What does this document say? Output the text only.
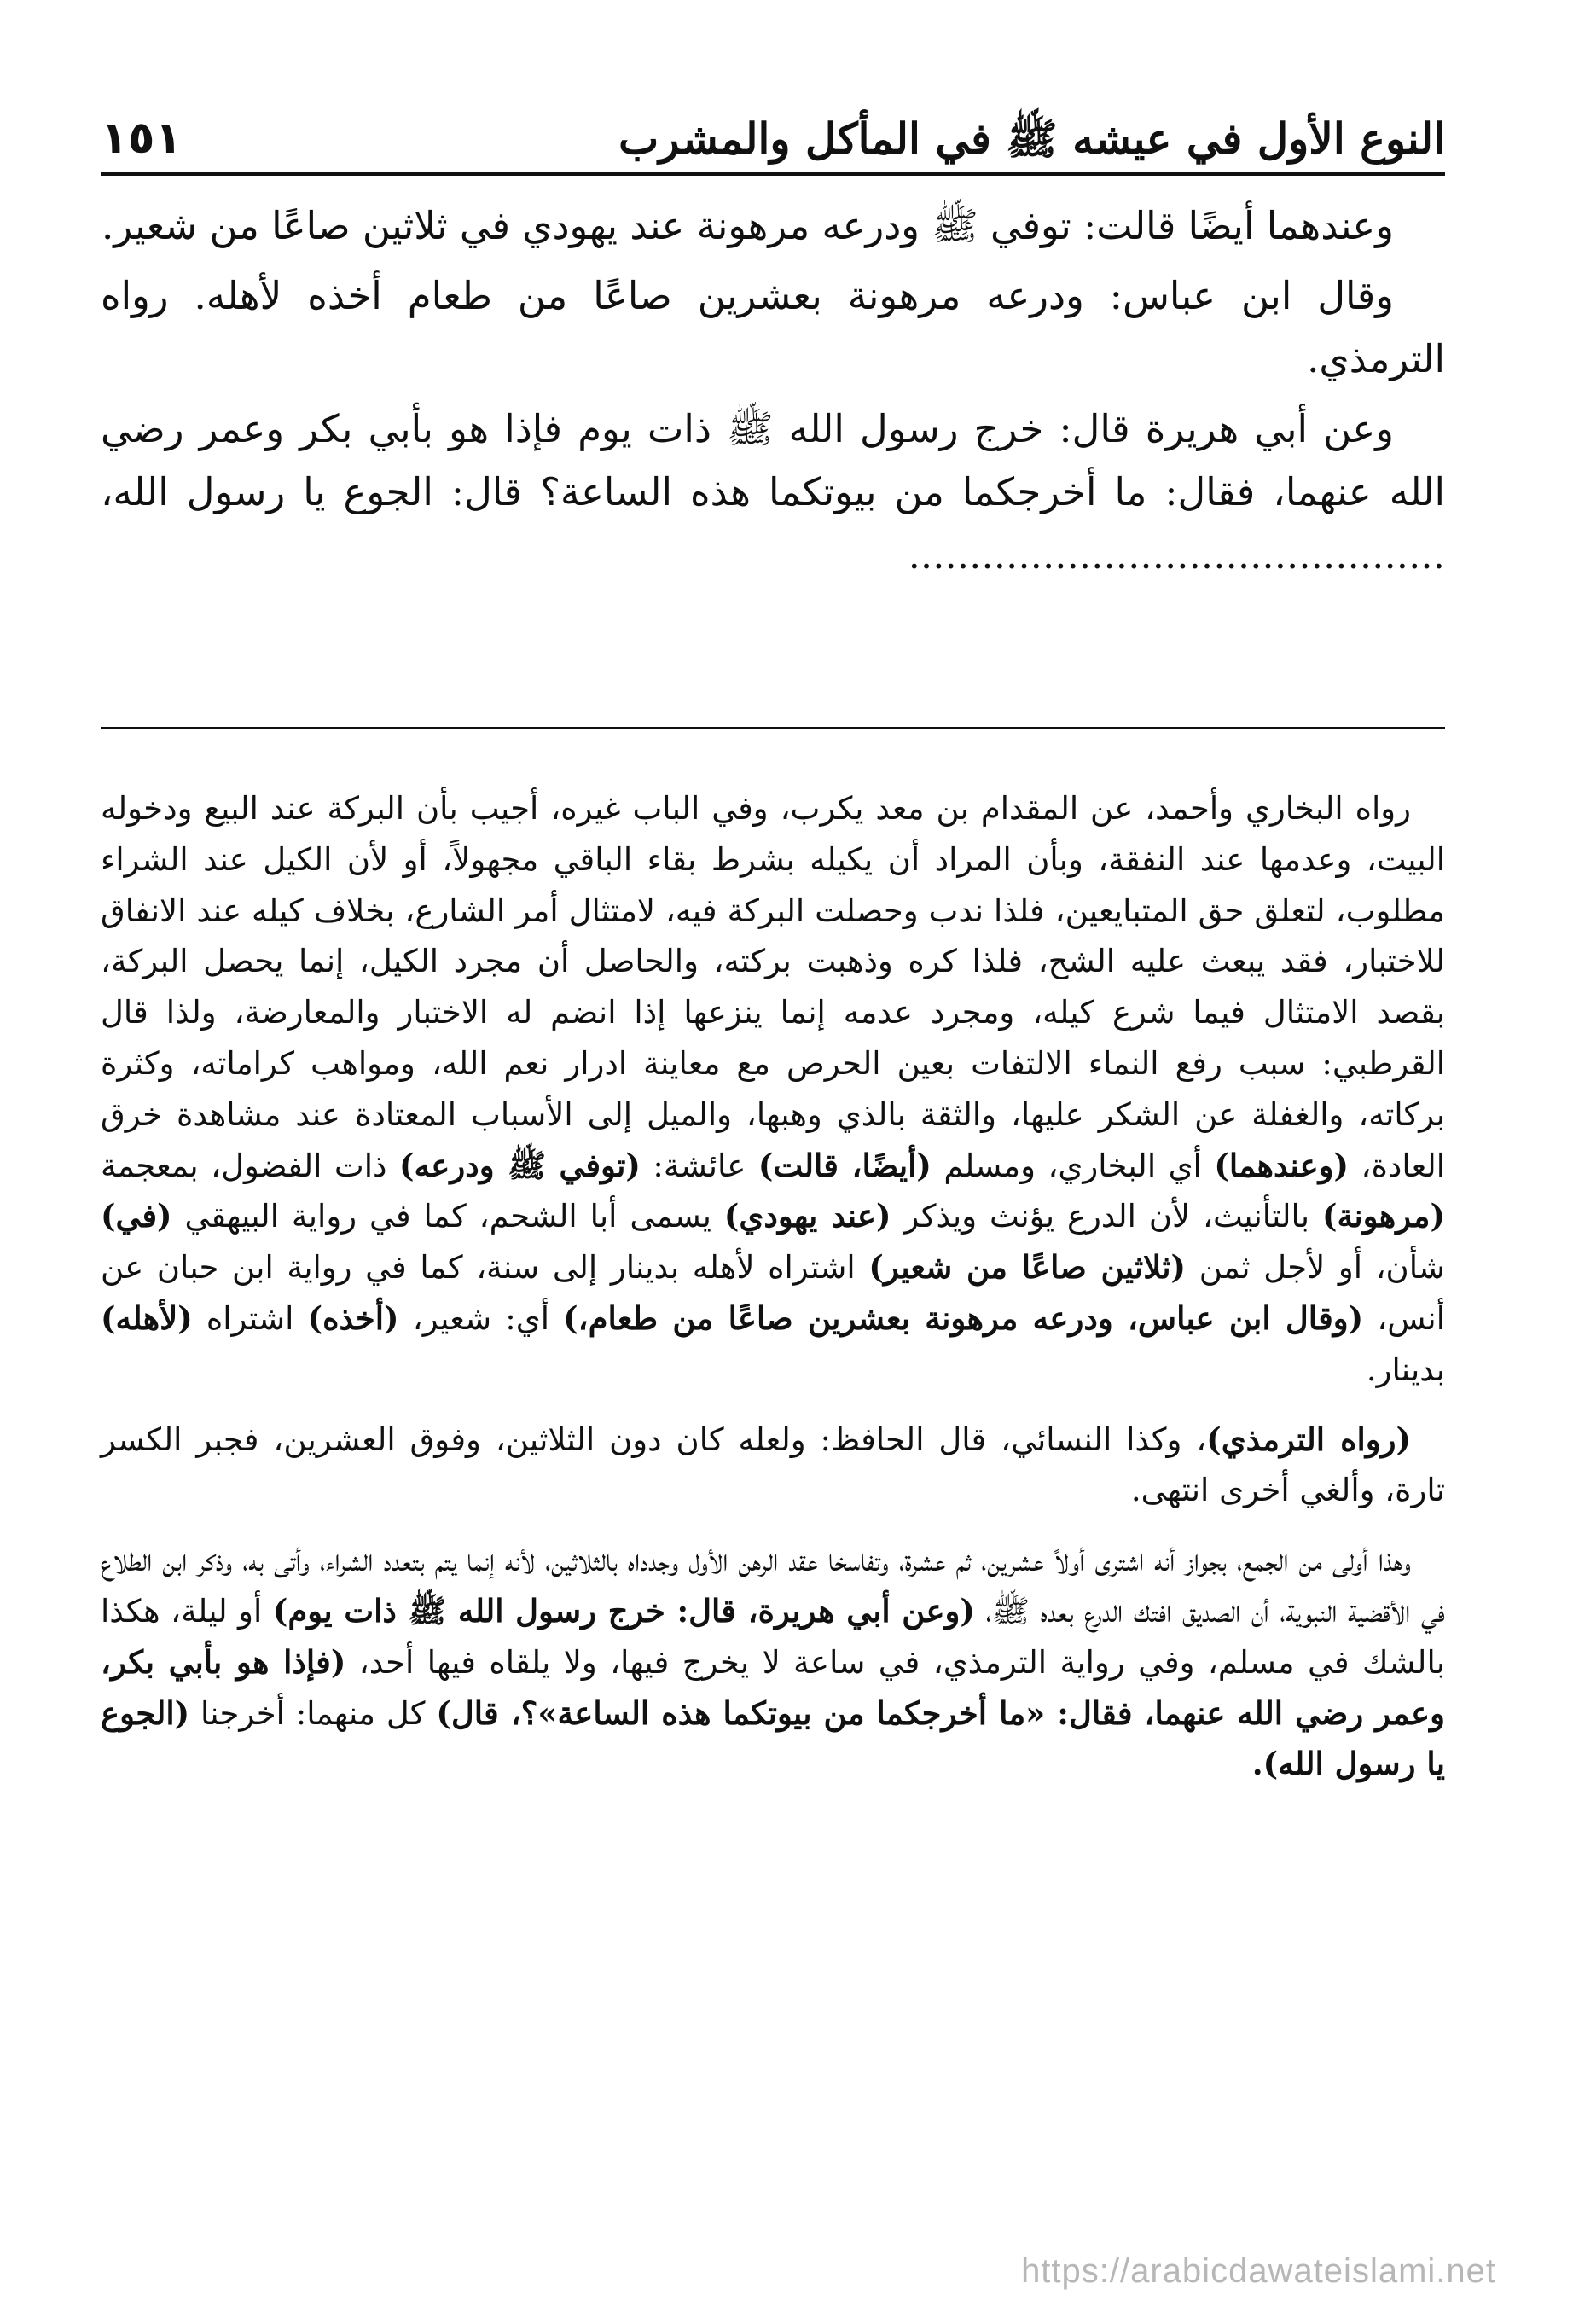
النوع الأول في عيشه ﷺ في المأكل والمشرب
١٥١

وعندهما أيضًا قالت: توفي ﷺ ودرعه مرهونة عند يهودي في ثلاثين صاعًا من شعير.

وقال ابن عباس: ودرعه مرهونة بعشرين صاعًا من طعام أخذه لأهله. رواه الترمذي.

وعن أبي هريرة قال: خرج رسول الله ﷺ ذات يوم فإذا هو بأبي بكر وعمر رضي الله عنهما، فقال: ما أخرجكما من بيوتكما هذه الساعة؟ قال: الجوع يا رسول الله، ............................................

رواه البخاري وأحمد، عن المقدام بن معد يكرب، وفي الباب غيره، أجيب بأن البركة عند البيع ودخوله البيت، وعدمها عند النفقة، وبأن المراد أن يكيله بشرط بقاء الباقي مجهولاً، أو لأن الكيل عند الشراء مطلوب، لتعلق حق المتبايعين، فلذا ندب وحصلت البركة فيه، لامتثال أمر الشارع، بخلاف كيله عند الانفاق للاختبار، فقد يبعث عليه الشح، فلذا كره وذهبت بركته، والحاصل أن مجرد الكيل، إنما يحصل البركة، بقصد الامتثال فيما شرع كيله، ومجرد عدمه إنما ينزعها إذا انضم له الاختبار والمعارضة، ولذا قال القرطبي: سبب رفع النماء الالتفات بعين الحرص مع معاينة ادرار نعم الله، ومواهب كراماته، وكثرة بركاته، والغفلة عن الشكر عليها، والثقة بالذي وهبها، والميل إلى الأسباب المعتادة عند مشاهدة خرق العادة، (وعندهما) أي البخاري، ومسلم (أيضًا، قالت) عائشة: (توفي ﷺ ودرعه) ذات الفضول، بمعجمة (مرهونة) بالتأنيث، لأن الدرع يؤنث ويذكر (عند يهودي) يسمى أبا الشحم، كما في رواية البيهقي (في) شأن، أو لأجل ثمن (ثلاثين صاعًا من شعير) اشتراه لأهله بدينار إلى سنة، كما في رواية ابن حبان عن أنس، (وقال ابن عباس، ودرعه مرهونة بعشرين صاعًا من طعام،) أي: شعير، (أخذه) اشتراه (لأهله) بدينار.

(رواه الترمذي)، وكذا النسائي، قال الحافظ: ولعله كان دون الثلاثين، وفوق العشرين، فجبر الكسر تارة، وألغي أخرى انتهى.

وهذا أولى من الجمع، بجواز أنه اشترى أولاً عشرين، ثم عشرة، وتفاسخا عقد الرهن الأول وجدداه بالثلاثين، لأنه إنما يتم بتعدد الشراء، وأتى به، وذكر ابن الطلاع في الأقضية النبوية، أن الصديق افتك الدرع بعده ﷺ، (وعن أبي هريرة، قال: خرج رسول الله ﷺ ذات يوم) أو ليلة، هكذا بالشك في مسلم، وفي رواية الترمذي، في ساعة لا يخرج فيها، ولا يلقاه فيها أحد، (فإذا هو بأبي بكر، وعمر رضي الله عنهما، فقال: «ما أخرجكما من بيوتكما هذه الساعة»؟، قال) كل منهما: أخرجنا (الجوع يا رسول الله).

https://arabicdawateislami.net
